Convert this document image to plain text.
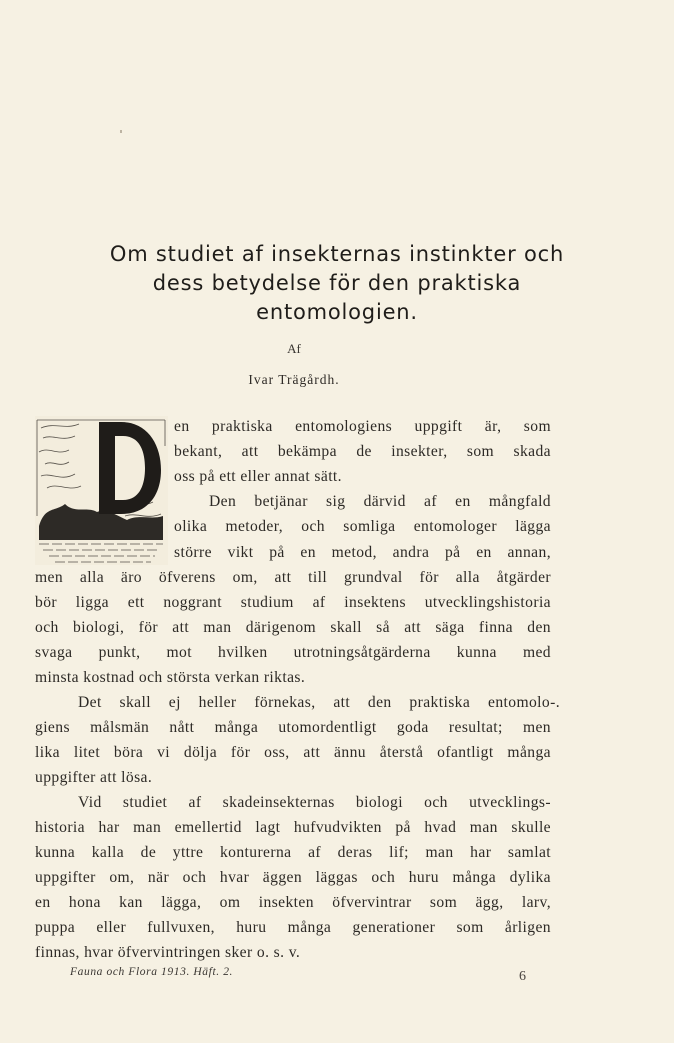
Om studiet af insekternas instinkter och
dess betydelse för den praktiska
entomologien.
Af
Ivar Trägårdh.
en praktiska entomologiens uppgift är, som
bekant, att bekämpa de insekter, som skada
oss på ett eller annat sätt.
Den betjänar sig därvid af en mångfald
olika metoder, och somliga entomologer lägga
större vikt på en metod, andra på en annan,
men alla äro öfverens om, att till grundval för alla åtgärder
bör ligga ett noggrant studium af insektens utvecklingshistoria
och biologi, för att man därigenom skall så att säga finna den
svaga punkt, mot hvilken utrotningsåtgärderna kunna med
minsta kostnad och största verkan riktas.
Det skall ej heller förnekas, att den praktiska entomolo-.
giens målsmän nått många utomordentligt goda resultat; men
lika litet böra vi dölja för oss, att ännu återstå ofantligt många
uppgifter att lösa.
Vid studiet af skadeinsekternas biologi och utvecklings-
historia har man emellertid lagt hufvudvikten på hvad man skulle
kunna kalla de yttre konturerna af deras lif; man har samlat
uppgifter om, när och hvar äggen läggas och huru många dylika
en hona kan lägga, om insekten öfvervintrar som ägg, larv,
puppa eller fullvuxen, huru många generationer som årligen
finnas, hvar öfvervintringen sker o. s. v.
Fauna och Flora 1913. Häft. 2.	6
